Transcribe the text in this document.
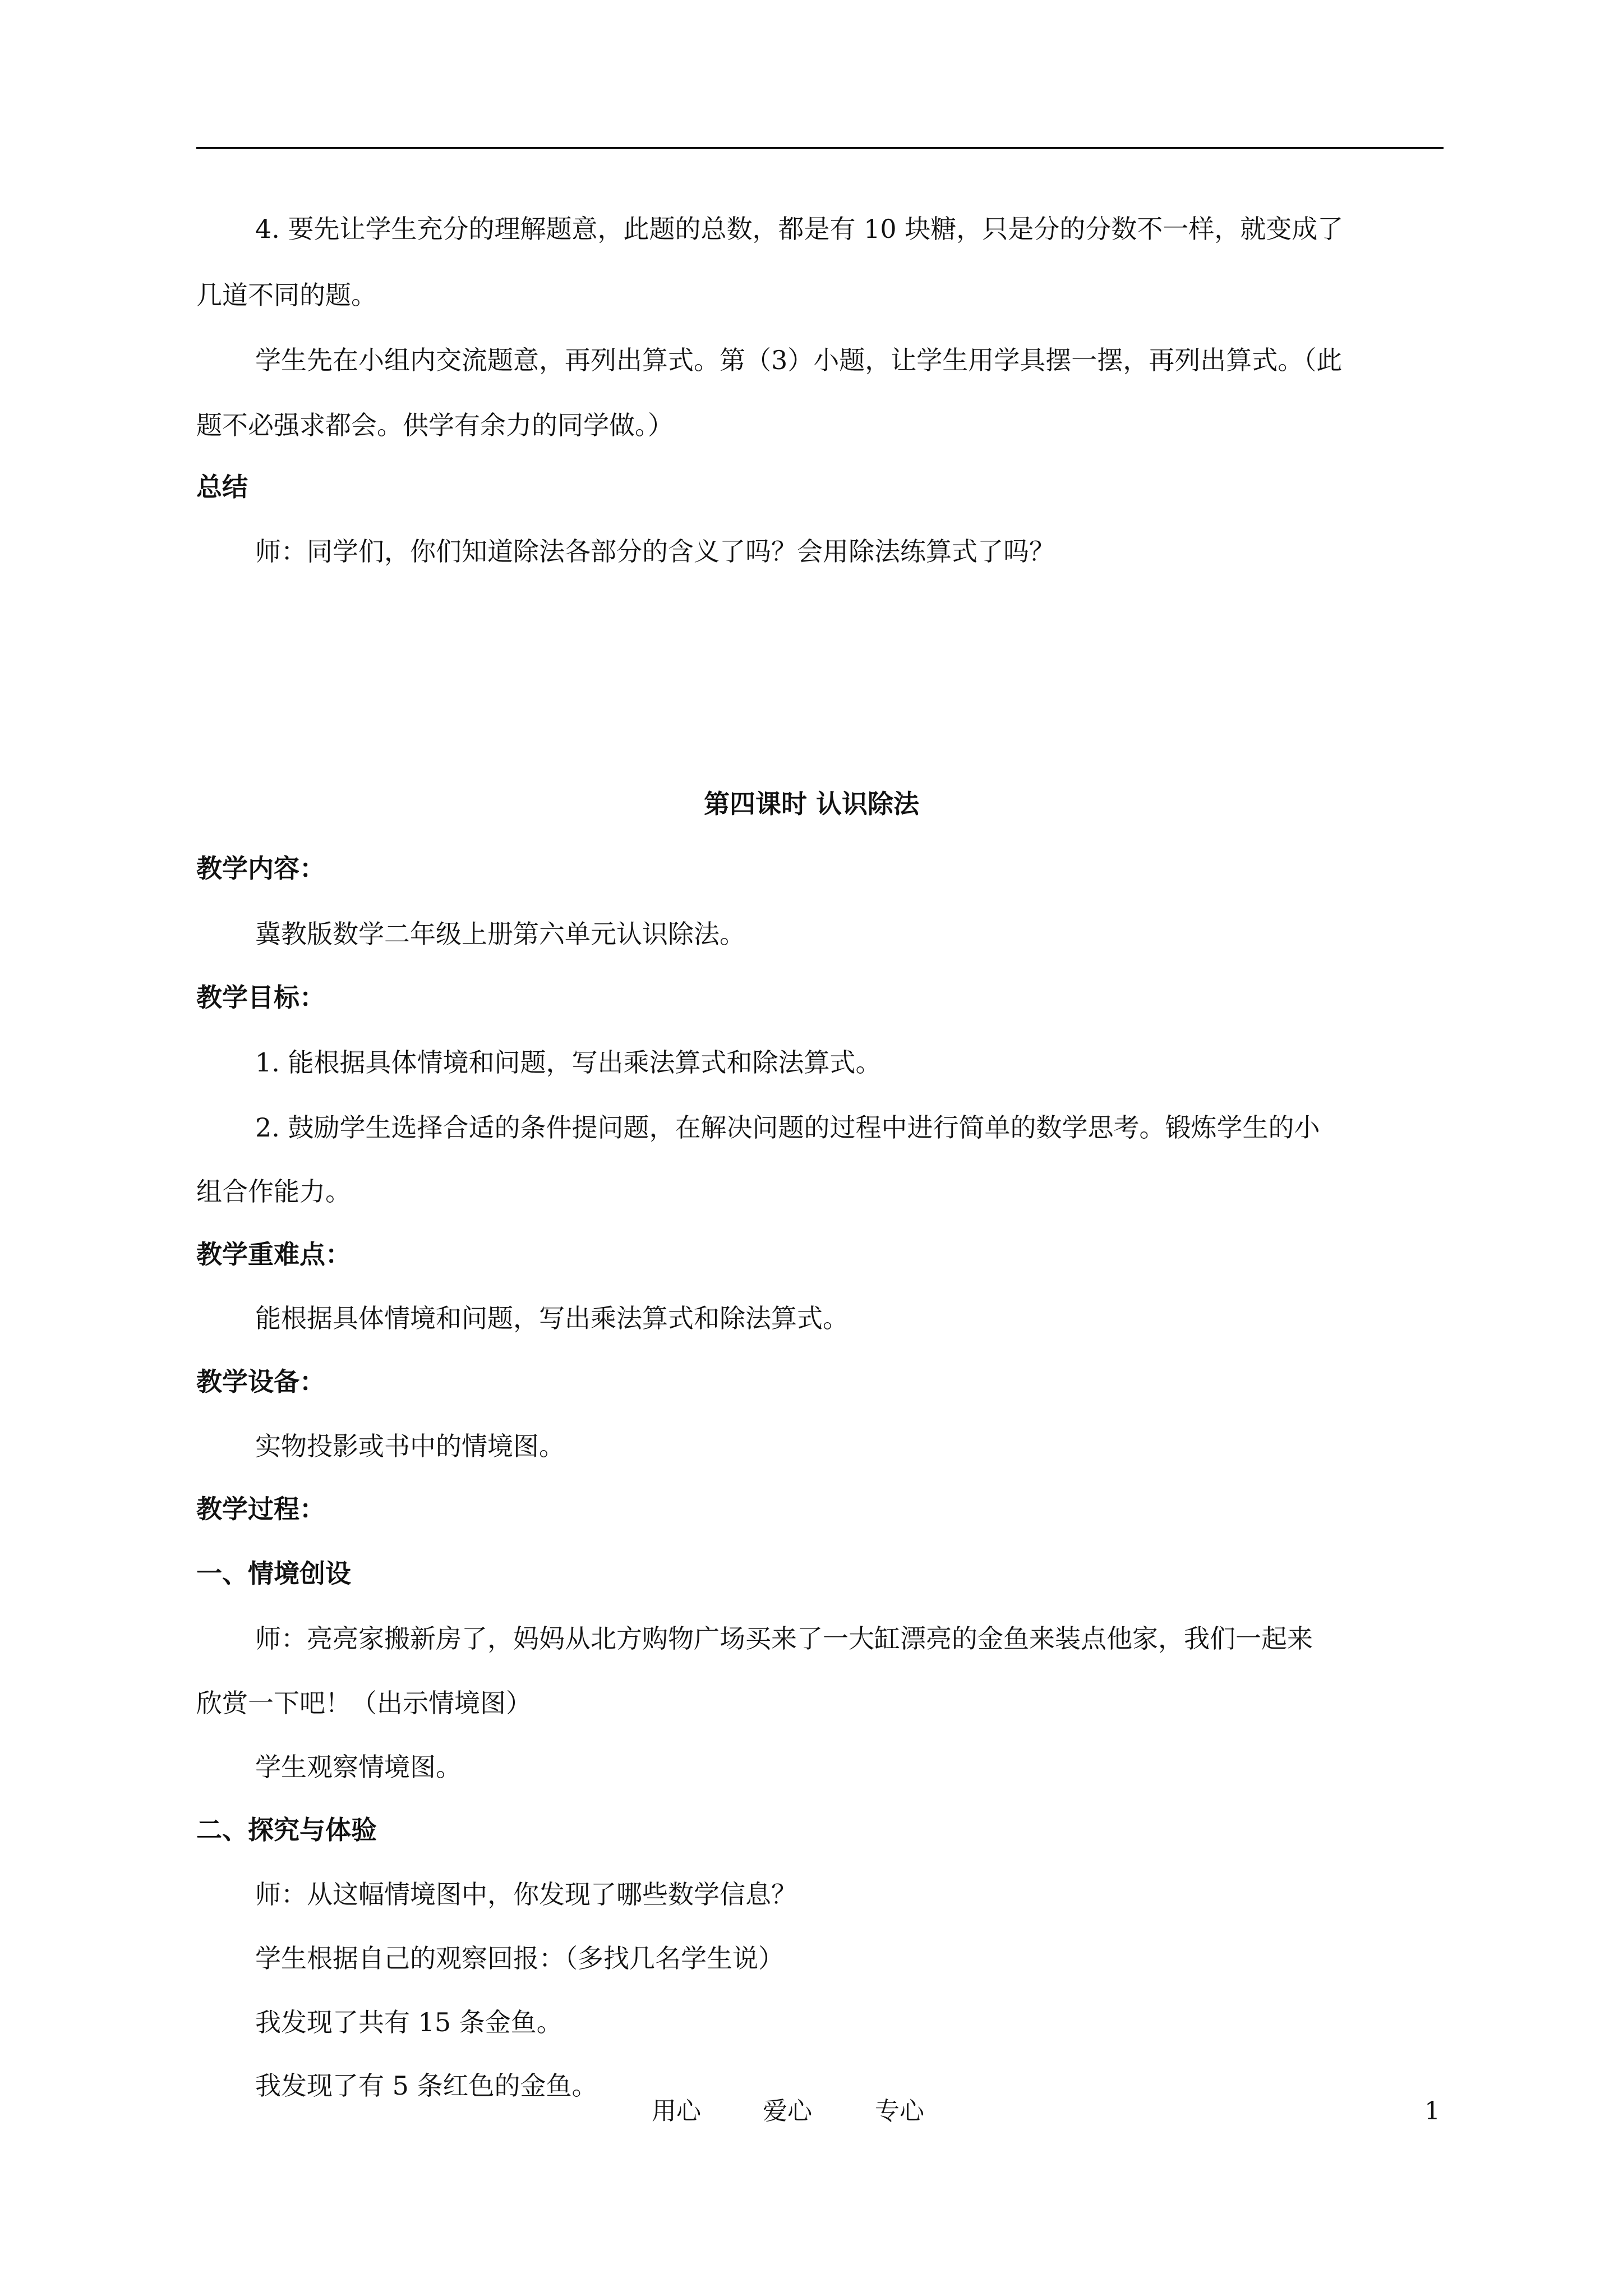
4. 要先让学生充分的理解题意，此题的总数，都是有 10 块糖，只是分的分数不一样，就变成了
几道不同的题。
学生先在小组内交流题意，再列出算式。第（3）小题，让学生用学具摆一摆，再列出算式。（此
题不必强求都会。供学有余力的同学做。）
总结
师：同学们，你们知道除法各部分的含义了吗？会用除法练算式了吗？
第四课时 认识除法
教学内容：
冀教版数学二年级上册第六单元认识除法。
教学目标：
1. 能根据具体情境和问题，写出乘法算式和除法算式。
2. 鼓励学生选择合适的条件提问题，在解决问题的过程中进行简单的数学思考。锻炼学生的小
组合作能力。
教学重难点：
能根据具体情境和问题，写出乘法算式和除法算式。
教学设备：
实物投影或书中的情境图。
教学过程：
一、情境创设
师：亮亮家搬新房了，妈妈从北方购物广场买来了一大缸漂亮的金鱼来装点他家，我们一起来
欣赏一下吧！（出示情境图）
学生观察情境图。
二、探究与体验
师：从这幅情境图中，你发现了哪些数学信息？
学生根据自己的观察回报：（多找几名学生说）
我发现了共有 15 条金鱼。
我发现了有 5 条红色的金鱼。
用心	爱心	专心	1
